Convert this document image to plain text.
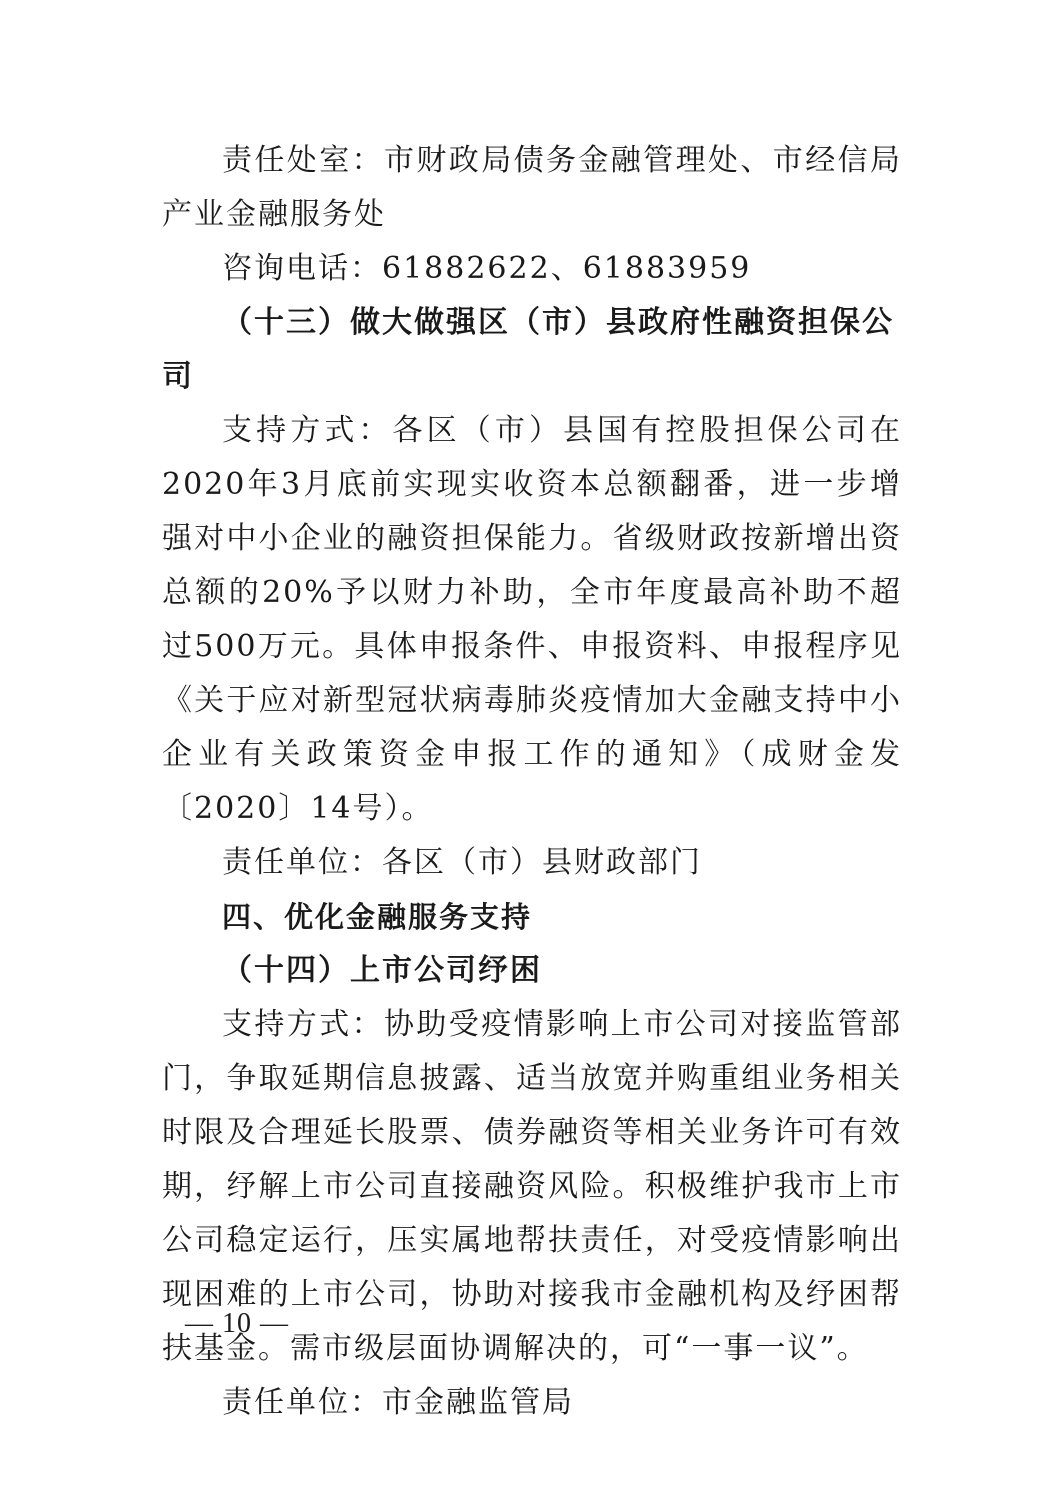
责任处室：市财政局债务金融管理处、市经信局产业金融服务处

咨询电话：61882622、61883959

（十三）做大做强区（市）县政府性融资担保公司

支持方式：各区（市）县国有控股担保公司在2020年3月底前实现实收资本总额翻番，进一步增强对中小企业的融资担保能力。省级财政按新增出资总额的20%予以财力补助，全市年度最高补助不超过500万元。具体申报条件、申报资料、申报程序见《关于应对新型冠状病毒肺炎疫情加大金融支持中小企业有关政策资金申报工作的通知》（成财金发〔2020〕14号）。

责任单位：各区（市）县财政部门

四、优化金融服务支持

（十四）上市公司纾困

支持方式：协助受疫情影响上市公司对接监管部门，争取延期信息披露、适当放宽并购重组业务相关时限及合理延长股票、债券融资等相关业务许可有效期，纾解上市公司直接融资风险。积极维护我市上市公司稳定运行，压实属地帮扶责任，对受疫情影响出现困难的上市公司，协助对接我市金融机构及纾困帮扶基金。需市级层面协调解决的，可“一事一议”。

责任单位：市金融监管局

— 10 —
